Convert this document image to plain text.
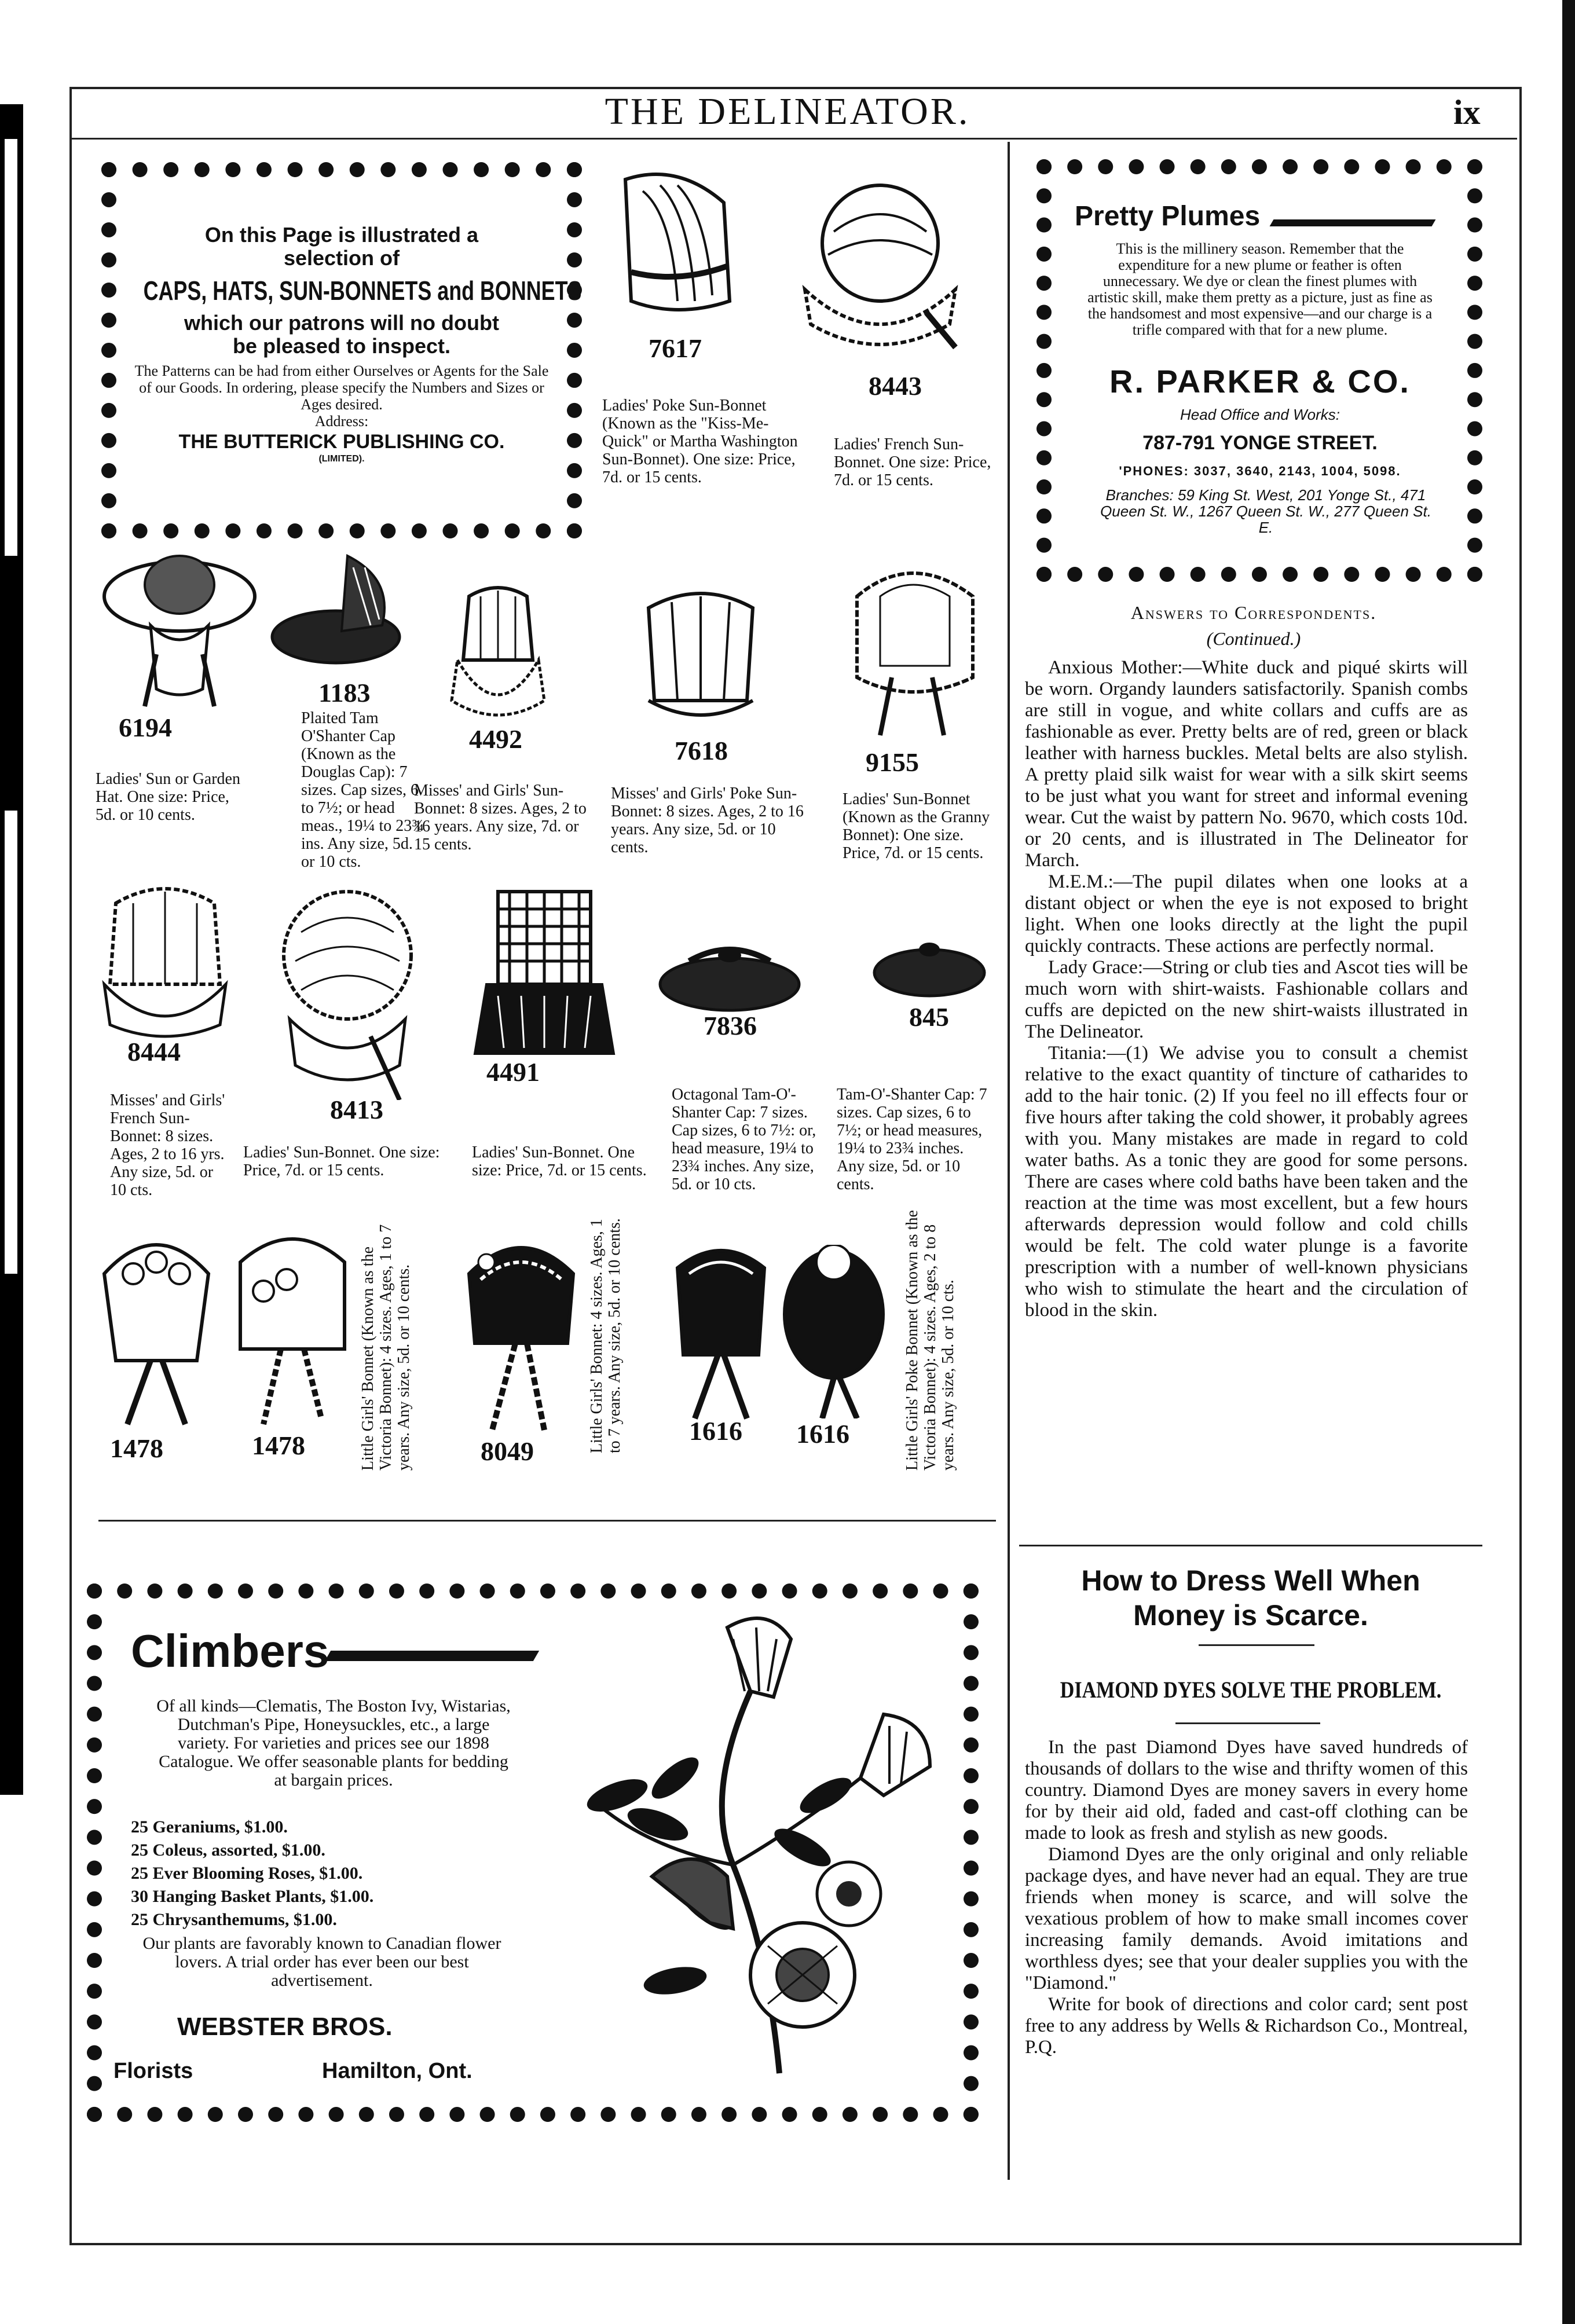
THE DELINEATOR.	ix
On this Page is illustrated a
selection of
CAPS, HATS, SUN-BONNETS and BONNETS
which our patrons will no doubt
be pleased to inspect.
The Patterns can be had from either Ourselves or Agents for the Sale of our Goods. In ordering, please specify the Numbers and Sizes or Ages desired.
Address:
THE BUTTERICK PUBLISHING CO.
(LIMITED).
7617
Ladies' Poke Sun-Bonnet (Known as the "Kiss-Me-Quick" or Martha Washington Sun-Bonnet). One size: Price, 7d. or 15 cents.
8443
Ladies' French Sun-Bonnet. One size: Price, 7d. or 15 cents.
6194
Ladies' Sun or Garden Hat. One size: Price, 5d. or 10 cents.
1183
Plaited Tam O'Shanter Cap (Known as the Douglas Cap): 7 sizes. Cap sizes, 6 to 7½; or head meas., 19¼ to 23¾ ins. Any size, 5d. or 10 cts.
4492
Misses' and Girls' Sun-Bonnet: 8 sizes. Ages, 2 to 16 years. Any size, 7d. or 15 cents.
7618
Misses' and Girls' Poke Sun-Bonnet: 8 sizes. Ages, 2 to 16 years. Any size, 5d. or 10 cents.
9155
Ladies' Sun-Bonnet (Known as the Granny Bonnet): One size. Price, 7d. or 15 cents.
8444
Misses' and Girls' French Sun-Bonnet: 8 sizes. Ages, 2 to 16 yrs. Any size, 5d. or 10 cts.
8413
Ladies' Sun-Bonnet. One size: Price, 7d. or 15 cents.
4491
Ladies' Sun-Bonnet. One size: Price, 7d. or 15 cents.
7836
Octagonal Tam-O'-Shanter Cap: 7 sizes. Cap sizes, 6 to 7½: or, head measure, 19¼ to 23¾ inches. Any size, 5d. or 10 cts.
845
Tam-O'-Shanter Cap: 7 sizes. Cap sizes, 6 to 7½; or head measures, 19¼ to 23¾ inches. Any size, 5d. or 10 cents.
1478	1478	Little Girls' Bonnet (Known as the Victoria Bonnet): 4 sizes. Ages, 1 to 7 years. Any size, 5d. or 10 cents.	8049	Little Girls' Bonnet: 4 sizes. Ages, 1 to 7 years. Any size, 5d. or 10 cents. 1616 1616	Little Girls' Poke Bonnet (Known as the Victoria Bonnet): 4 sizes. Ages, 2 to 8 years. Any size, 5d. or 10 cts.
Climbers
Of all kinds—Clematis, The Boston Ivy, Wistarias, Dutchman's Pipe, Honeysuckles, etc., a large variety. For varieties and prices see our 1898 Catalogue. We offer seasonable plants for bedding at bargain prices.
25 Geraniums, $1.00.
25 Coleus, assorted, $1.00.
25 Ever Blooming Roses, $1.00.
30 Hanging Basket Plants, $1.00.
25 Chrysanthemums, $1.00.
Our plants are favorably known to Canadian flower lovers. A trial order has ever been our best advertisement.
WEBSTER BROS.
Florists	Hamilton, Ont.
Pretty Plumes
This is the millinery season. Remember that the expenditure for a new plume or feather is often unnecessary. We dye or clean the finest plumes with artistic skill, make them pretty as a picture, just as fine as the handsomest and most expensive—and our charge is a trifle compared with that for a new plume.
R. PARKER & CO.
Head Office and Works:
787-791 YONGE STREET.
'PHONES: 3037, 3640, 2143, 1004, 5098.
Branches: 59 King St. West, 201 Yonge St., 471 Queen St. W., 1267 Queen St. W., 277 Queen St. E.
Answers to Correspondents.
(Continued.)

Anxious Mother:—White duck and piqué skirts will be worn. Organdy launders satisfactorily. Spanish combs are still in vogue, and white collars and cuffs are as fashionable as ever. Pretty belts are of red, green or black leather with harness buckles. Metal belts are also stylish. A pretty plaid silk waist for wear with a silk skirt seems to be just what you want for street and informal evening wear. Cut the waist by pattern No. 9670, which costs 10d. or 20 cents, and is illustrated in The Delineator for March.

M.E.M.:—The pupil dilates when one looks at a distant object or when the eye is not exposed to bright light. When one looks directly at the light the pupil quickly contracts. These actions are perfectly normal.

Lady Grace:—String or club ties and Ascot ties will be much worn with shirt-waists. Fashionable collars and cuffs are depicted on the new shirt-waists illustrated in The Delineator.

Titania:—(1) We advise you to consult a chemist relative to the exact quantity of tincture of catharides to add to the hair tonic. (2) If you feel no ill effects four or five hours after taking the cold shower, it probably agrees with you. Many mistakes are made in regard to cold water baths. As a tonic they are good for some persons. There are cases where cold baths have been taken and the reaction at the time was most excellent, but a few hours afterwards depression would follow and cold chills would be felt. The cold water plunge is a favorite prescription with a number of well-known physicians who wish to stimulate the heart and the circulation of blood in the skin.

How to Dress Well When
Money is Scarce.
DIAMOND DYES SOLVE THE PROBLEM.

In the past Diamond Dyes have saved hundreds of thousands of dollars to the wise and thrifty women of this country. Diamond Dyes are money savers in every home for by their aid old, faded and cast-off clothing can be made to look as fresh and stylish as new goods.

Diamond Dyes are the only original and only reliable package dyes, and have never had an equal. They are true friends when money is scarce, and will solve the vexatious problem of how to make small incomes cover increasing family demands. Avoid imitations and worthless dyes; see that your dealer supplies you with the "Diamond."

Write for book of directions and color card; sent post free to any address by Wells & Richardson Co., Montreal, P.Q.
